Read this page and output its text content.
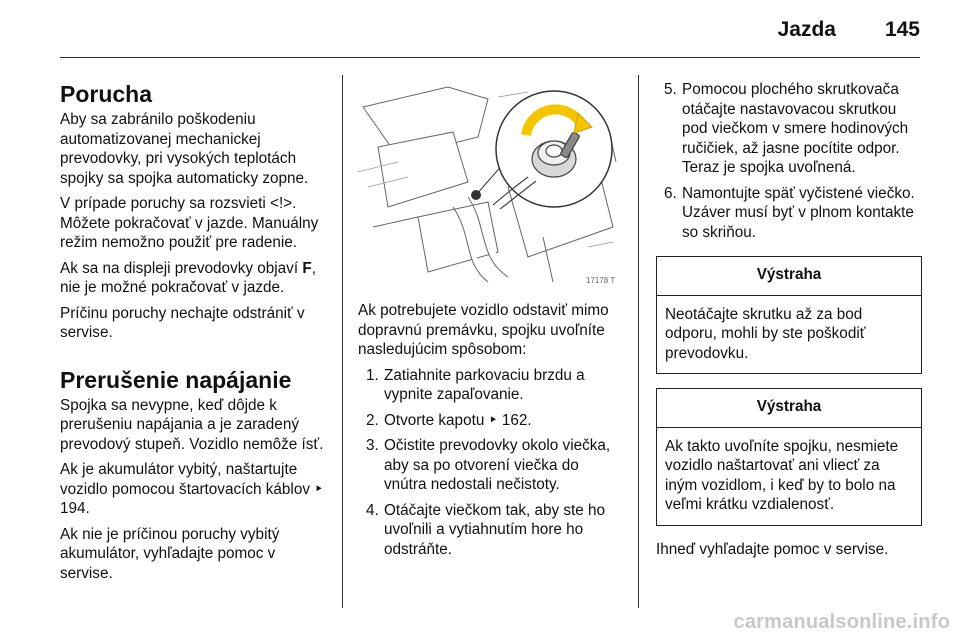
Jazda 145
Porucha

Aby sa zabránilo poškodeniu automatizovanej mechanickej prevodovky, pri vysokých teplotách spojky sa spojka automaticky zopne.

V prípade poruchy sa rozsvieti <!>. Môžete pokračovať v jazde. Manuálny režim nemožno použiť pre radenie.

Ak sa na displeji prevodovky objaví F, nie je možné pokračovať v jazde.

Príčinu poruchy nechajte odstrániť v servise.

Prerušenie napájanie

Spojka sa nevypne, keď dôjde k prerušeniu napájania a je zaradený prevodový stupeň. Vozidlo nemôže ísť.

Ak je akumulátor vybitý, naštartujte vozidlo pomocou štartovacích káblov ‣ 194.

Ak nie je príčinou poruchy vybitý akumulátor, vyhľadajte pomoc v servise.

17178 T

Ak potrebujete vozidlo odstaviť mimo dopravnú premávku, spojku uvoľníte nasledujúcim spôsobom:

1. Zatiahnite parkovaciu brzdu a vypnite zapaľovanie.
2. Otvorte kapotu ‣ 162.
3. Očistite prevodovky okolo viečka, aby sa po otvorení viečka do vnútra nedostali nečistoty.
4. Otáčajte viečkom tak, aby ste ho uvoľnili a vytiahnutím hore ho odstráňte.
5. Pomocou plochého skrutkovača otáčajte nastavovacou skrutkou pod viečkom v smere hodinových ručičiek, až jasne pocítite odpor. Teraz je spojka uvoľnená.
6. Namontujte späť vyčistené viečko. Uzáver musí byť v plnom kontakte so skriňou.
Výstraha
Neotáčajte skrutku až za bod odporu, mohli by ste poškodiť prevodovku.
Výstraha
Ak takto uvoľníte spojku, nesmiete vozidlo naštartovať ani vliecť za iným vozidlom, i keď by to bolo na veľmi krátku vzdialenosť.

Ihneď vyhľadajte pomoc v servise.

carmanualsonline.info
